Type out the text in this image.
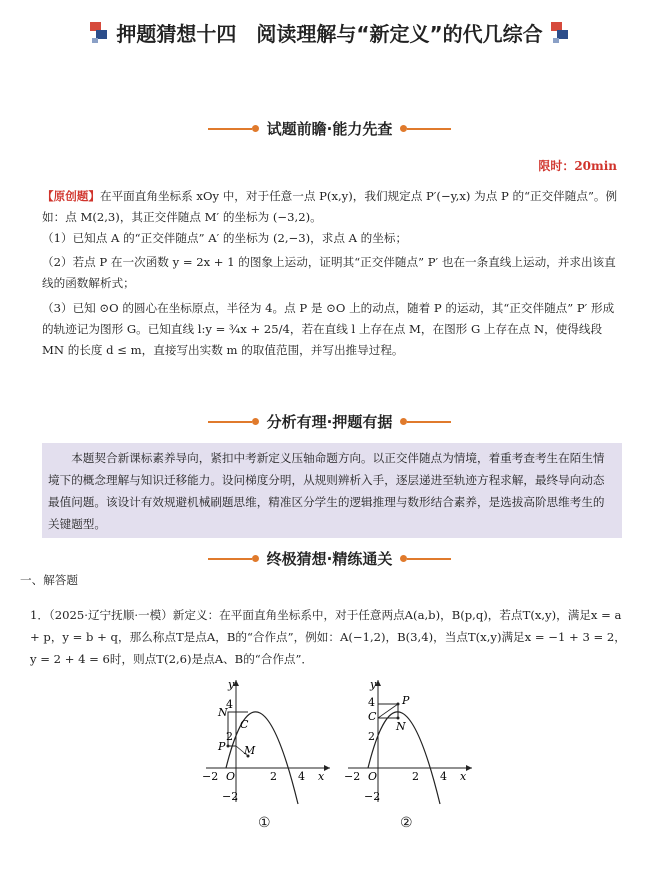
押题猜想十四　阅读理解与“新定义”的代几综合
试题前瞻·能力先查
限时：20min
【原创题】在平面直角坐标系 xOy 中，对于任意一点 P(x,y)，我们规定点 P′(−y,x) 为点 P 的“正交伴随点”。例如：点 M(2,3)，其正交伴随点 M′ 的坐标为 (−3,2)。
（1）已知点 A 的“正交伴随点” A′ 的坐标为 (2,−3)，求点 A 的坐标；
（2）若点 P 在一次函数 y = 2x + 1 的图象上运动，证明其“正交伴随点” P′ 也在一条直线上运动，并求出该直线的函数解析式；
（3）已知 ⊙O 的圆心在坐标原点，半径为 4。点 P 是 ⊙O 上的动点，随着 P 的运动，其“正交伴随点” P′ 形成的轨迹记为图形 G。已知直线 l:y = ¾x + 25/4，若在直线 l 上存在点 M，在图形 G 上存在点 N，使得线段 MN 的长度 d ≤ m，直接写出实数 m 的取值范围，并写出推导过程。
分析有理·押题有据
本题契合新课标素养导向，紧扣中考新定义压轴命题方向。以正交伴随点为情境，着重考查考生在陌生情境下的概念理解与知识迁移能力。设问梯度分明，从规则辨析入手，逐层递进至轨迹方程求解，最终导向动态最值问题。该设计有效规避机械刷题思维，精准区分学生的逻辑推理与数形结合素养，是选拔高阶思维考生的关键题型。
终极猜想·精练通关
一、解答题
1．（2025·辽宁抚顺·一模）新定义：在平面直角坐标系中，对于任意两点A(a,b)，B(p,q)，若点T(x,y)，满足x = a + p，y = b + q，那么称点T是点A，B的“合作点”，例如：A(−1,2)，B(3,4)，当点T(x,y)满足x = −1 + 3 = 2，y = 2 + 4 = 6时，则点T(2,6)是点A、B的“合作点”．
y
x
O
N
C
P M
−2	2 4
4
2
−2
①
y
x
O
C
P
N
−2	2 4
4
2
−2
②
